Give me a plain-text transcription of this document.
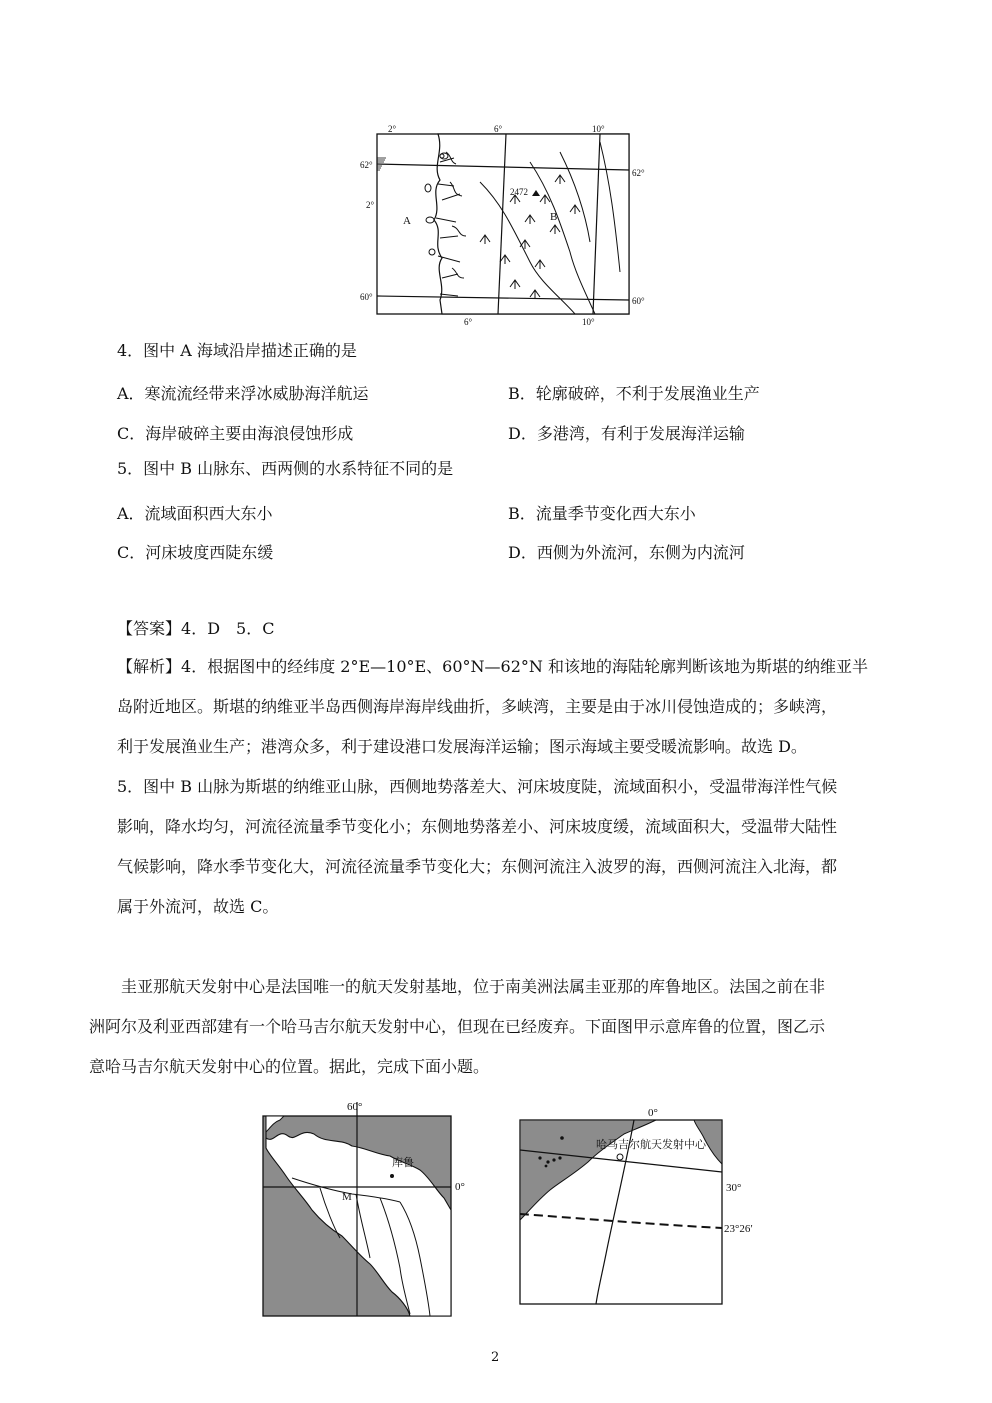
2°	6°	10°
6°	10°
62°
2°
60°
62°
60°
A	B
2472
4．图中 A 海域沿岸描述正确的是
A．寒流流经带来浮冰威胁海洋航运	B．轮廓破碎，不利于发展渔业生产
C．海岸破碎主要由海浪侵蚀形成	D．多港湾，有利于发展海洋运输
5．图中 B 山脉东、西两侧的水系特征不同的是
A．流域面积西大东小	B．流量季节变化西大东小
C．河床坡度西陡东缓	D．西侧为外流河，东侧为内流河
【答案】4．D　5．C
【解析】4．根据图中的经纬度 2°E—10°E、60°N—62°N 和该地的海陆轮廓判断该地为斯堪的纳维亚半
岛附近地区。斯堪的纳维亚半岛西侧海岸海岸线曲折，多峡湾，主要是由于冰川侵蚀造成的；多峡湾，
利于发展渔业生产；港湾众多，利于建设港口发展海洋运输；图示海域主要受暖流影响。故选 D。
5．图中 B 山脉为斯堪的纳维亚山脉，西侧地势落差大、河床坡度陡，流域面积小，受温带海洋性气候
影响，降水均匀，河流径流量季节变化小；东侧地势落差小、河床坡度缓，流域面积大，受温带大陆性
气候影响，降水季节变化大，河流径流量季节变化大；东侧河流注入波罗的海，西侧河流注入北海，都
属于外流河，故选 C。
圭亚那航天发射中心是法国唯一的航天发射基地，位于南美洲法属圭亚那的库鲁地区。法国之前在非
洲阿尔及利亚西部建有一个哈马吉尔航天发射中心，但现在已经废弃。下面图甲示意库鲁的位置，图乙示
意哈马吉尔航天发射中心的位置。据此，完成下面小题。
60°
0°
库鲁
M
0°
哈马吉尔航天发射中心
30°
23°26′
2
